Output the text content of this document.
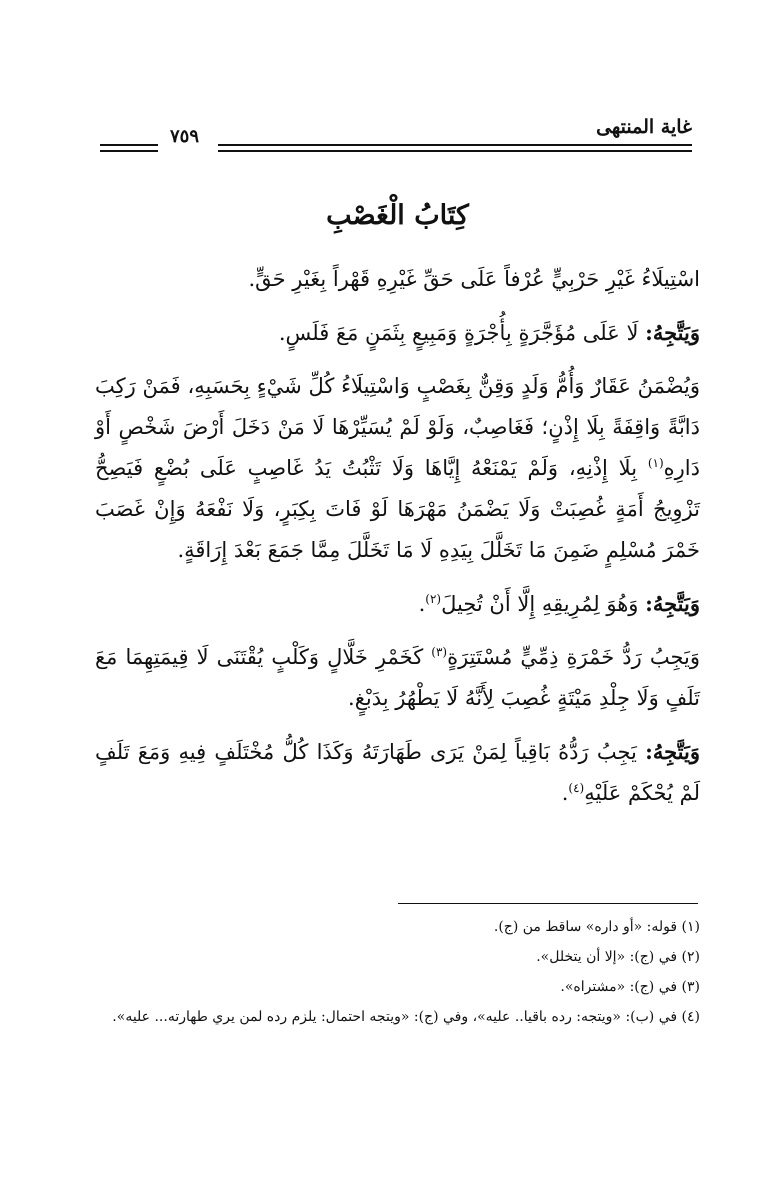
غاية المنتهى
٧٥٩
كِتَابُ الْغَصْبِ

اسْتِيلَاءُ غَيْرِ حَرْبِيٍّ عُرْفاً عَلَى حَقِّ غَيْرِهِ قَهْراً بِغَيْرِ حَقٍّ.

وَيَتَّجِهُ: لَا عَلَى مُؤَجَّرَةٍ بِأُجْرَةٍ وَمَبِيعٍ بِثَمَنٍ مَعَ فَلَسٍ.

وَيُضْمَنُ عَقَارٌ وَأُمُّ وَلَدٍ وَقِنٌّ بِغَصْبٍ وَاسْتِيلَاءُ كُلِّ شَيْءٍ بِحَسَبِهِ، فَمَنْ رَكِبَ دَابَّةً وَاقِفَةً بِلَا إِذْنٍ؛ فَغَاصِبٌ، وَلَوْ لَمْ يُسَيِّرْهَا لَا مَنْ دَخَلَ أَرْضَ شَخْصٍ أَوْ دَارِهِ$^{(١)}$ بِلَا إِذْنِهِ، وَلَمْ يَمْنَعْهُ إِيَّاهَا وَلَا تَثْبُتُ يَدُ غَاصِبٍ عَلَى بُضْعٍ فَيَصِحُّ تَزْوِيجُ أَمَةٍ غُصِبَتْ وَلَا يَضْمَنُ مَهْرَهَا لَوْ فَاتَ بِكِبَرٍ، وَلَا نَفْعَهُ وَإِنْ غَصَبَ خَمْرَ مُسْلِمٍ ضَمِنَ مَا تَخَلَّلَ بِيَدِهِ لَا مَا تَخَلَّلَ مِمَّا جَمَعَ بَعْدَ إِرَاقَةٍ.

وَيَتَّجِهُ: وَهُوَ لِمُرِيقِهِ إِلَّا أَنْ تُحِيلَ$^{(٢)}$.

وَيَجِبُ رَدُّ خَمْرَةِ ذِمِّيٍّ مُسْتَتِرَةٍ$^{(٣)}$ كَخَمْرِ خَلَّالٍ وَكَلْبٍ يُقْتَنَى لَا قِيمَتِهِمَا مَعَ تَلَفٍ وَلَا جِلْدِ مَيْتَةٍ غُصِبَ لِأَنَّهُ لَا يَطْهُرُ بِدَبْغٍ.

وَيَتَّجِهُ: يَجِبُ رَدُّهُ بَاقِياً لِمَنْ يَرَى طَهَارَتَهُ وَكَذَا كُلُّ مُخْتَلَفٍ فِيهِ وَمَعَ تَلَفٍ لَمْ يُحْكَمْ عَلَيْهِ$^{(٤)}$.

(١) قوله: «أو داره» ساقط من (ج).

(٢) في (ج): «إلا أن يتخلل».

(٣) في (ج): «مشتراه».

(٤) في (ب): «ويتجه: رده باقيا.. عليه»، وفي (ج): «ويتجه احتمال: يلزم رده لمن يري طهارته... عليه».
